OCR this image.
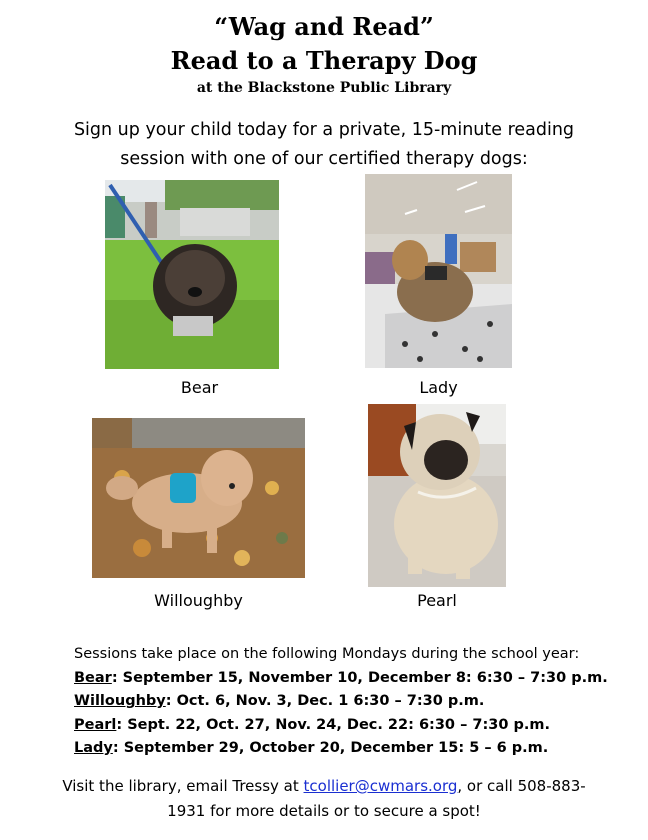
“Wag and Read”
Read to a Therapy Dog
at the Blackstone Public Library
Sign up your child today for a private, 15-minute reading
session with one of our certified therapy dogs:
Bear	Lady
Willoughby	Pearl
Sessions take place on the following Mondays during the school year:
Bear: September 15, November 10, December 8: 6:30 – 7:30 p.m.
Willoughby: Oct. 6, Nov. 3, Dec. 1 6:30 – 7:30 p.m.
Pearl: Sept. 22, Oct. 27, Nov. 24, Dec. 22: 6:30 – 7:30 p.m.
Lady: September 29, October 20, December 15: 5 – 6 p.m.
Visit the library, email Tressy at tcollier@cwmars.org, or call 508-883-
1931 for more details or to secure a spot!
